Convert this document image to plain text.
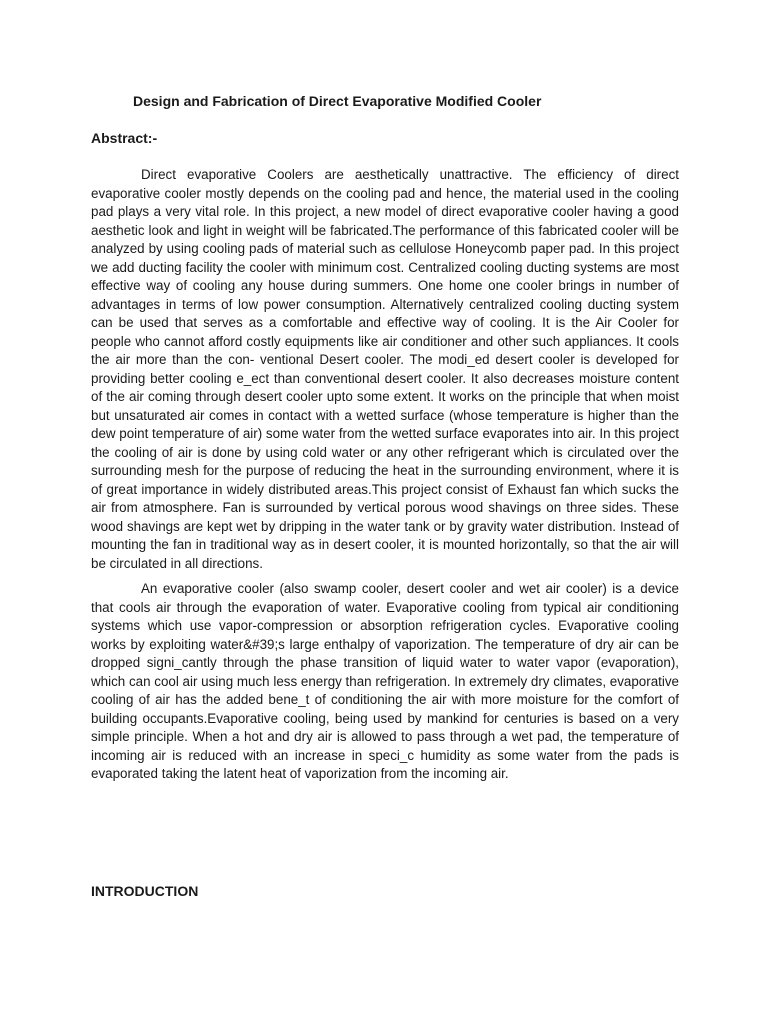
Design and Fabrication of Direct Evaporative Modified Cooler
Abstract:-

Direct evaporative Coolers are aesthetically unattractive. The efficiency of direct evaporative cooler mostly depends on the cooling pad and hence, the material used in the cooling pad plays a very vital role. In this project, a new model of direct evaporative cooler having a good aesthetic look and light in weight will be fabricated.The performance of this fabricated cooler will be analyzed by using cooling pads of material such as cellulose Honeycomb paper pad. In this project we add ducting facility the cooler with minimum cost. Centralized cooling ducting systems are most effective way of cooling any house during summers. One home one cooler brings in number of advantages in terms of low power consumption. Alternatively centralized cooling ducting system can be used that serves as a comfortable and effective way of cooling. It is the Air Cooler for people who cannot afford costly equipments like air conditioner and other such appliances. It cools the air more than the con- ventional Desert cooler. The modi_ed desert cooler is developed for providing better cooling e_ect than conventional desert cooler. It also decreases moisture content of the air coming through desert cooler upto some extent. It works on the principle that when moist but unsaturated air comes in contact with a wetted surface (whose temperature is higher than the dew point temperature of air) some water from the wetted surface evaporates into air. In this project the cooling of air is done by using cold water or any other refrigerant which is circulated over the surrounding mesh for the purpose of reducing the heat in the surrounding environment, where it is of great importance in widely distributed areas.This project consist of Exhaust fan which sucks the air from atmosphere. Fan is surrounded by vertical porous wood shavings on three sides. These wood shavings are kept wet by dripping in the water tank or by gravity water distribution. Instead of mounting the fan in traditional way as in desert cooler, it is mounted horizontally, so that the air will be circulated in all directions.

An evaporative cooler (also swamp cooler, desert cooler and wet air cooler) is a device that cools air through the evaporation of water. Evaporative cooling from typical air conditioning systems which use vapor-compression or absorption refrigeration cycles. Evaporative cooling works by exploiting water&#39;s large enthalpy of vaporization. The temperature of dry air can be dropped signi_cantly through the phase transition of liquid water to water vapor (evaporation), which can cool air using much less energy than refrigeration. In extremely dry climates, evaporative cooling of air has the added bene_t of conditioning the air with more moisture for the comfort of building occupants.Evaporative cooling, being used by mankind for centuries is based on a very simple principle. When a hot and dry air is allowed to pass through a wet pad, the temperature of incoming air is reduced with an increase in speci_c humidity as some water from the pads is evaporated taking the latent heat of vaporization from the incoming air.

INTRODUCTION
